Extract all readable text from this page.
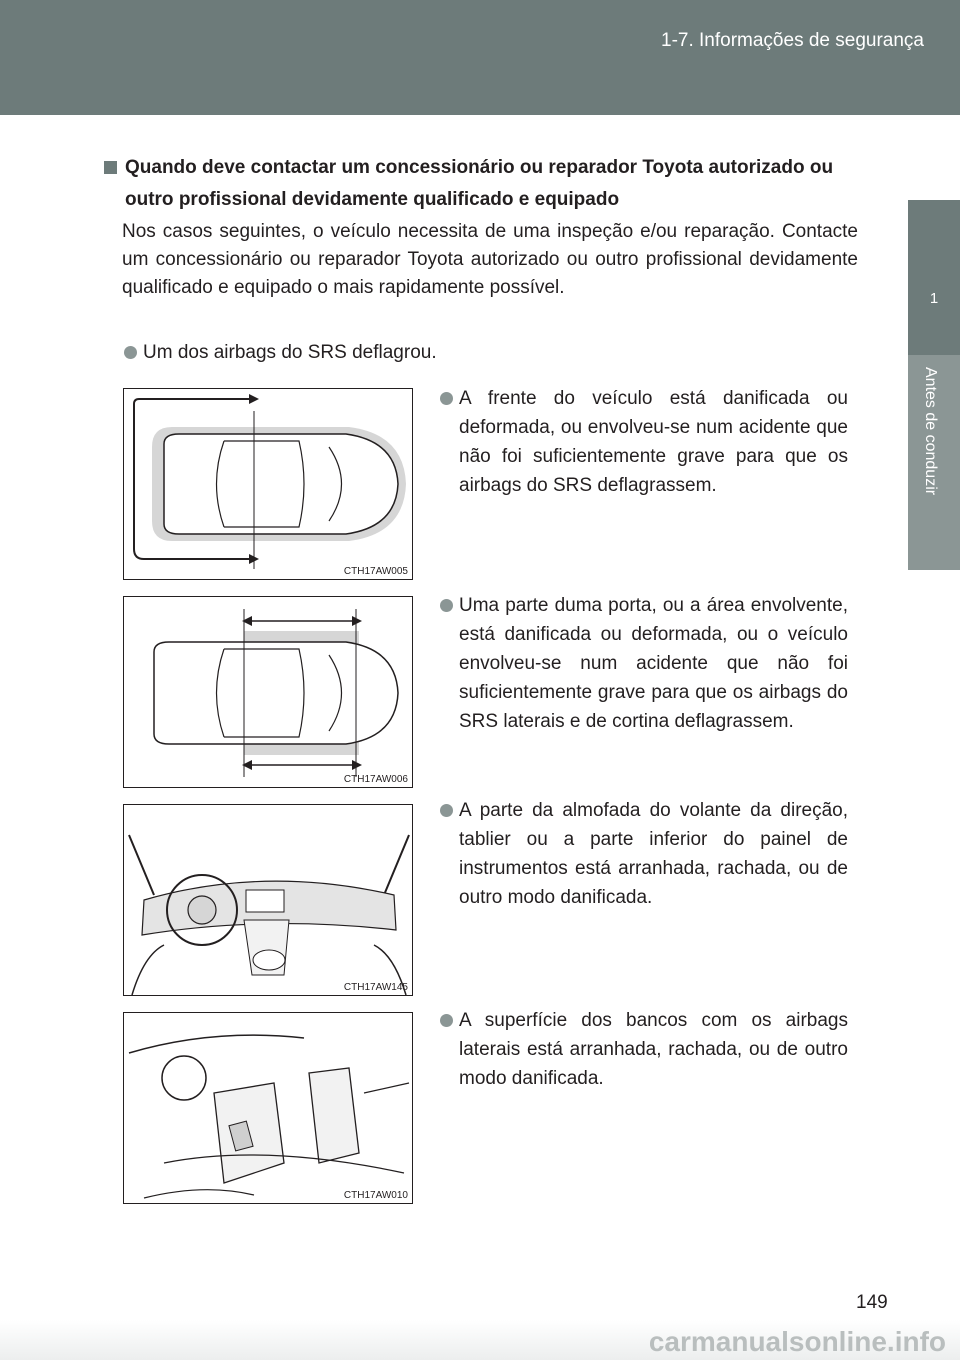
1-7. Informações de segurança
1
Antes de conduzir
Quando deve contactar um concessionário ou reparador Toyota autorizado ou outro profissional devidamente qualificado e equipado
Nos casos seguintes, o veículo necessita de uma inspeção e/ou reparação. Contacte um concessionário ou reparador Toyota autorizado ou outro profissional devidamente qualificado e equipado o mais rapidamente possível.
Um dos airbags do SRS deflagrou.
CTH17AW005
A frente do veículo está danificada ou deformada, ou envolveu-se num acidente que não foi suficientemente grave para que os airbags do SRS deflagrassem.
CTH17AW006
Uma parte duma porta, ou a área envolvente, está danificada ou deformada, ou o veículo envolveu-se num acidente que não foi suficientemente grave para que os airbags do SRS laterais e de cortina deflagrassem.
CTH17AW145
A parte da almofada do volante da direção, tablier ou a parte inferior do painel de instrumentos está arranhada, rachada, ou de outro modo danificada.
CTH17AW010
A superfície dos bancos com os airbags laterais está arranhada, rachada, ou de outro modo danificada.
149
carmanualsonline.info
